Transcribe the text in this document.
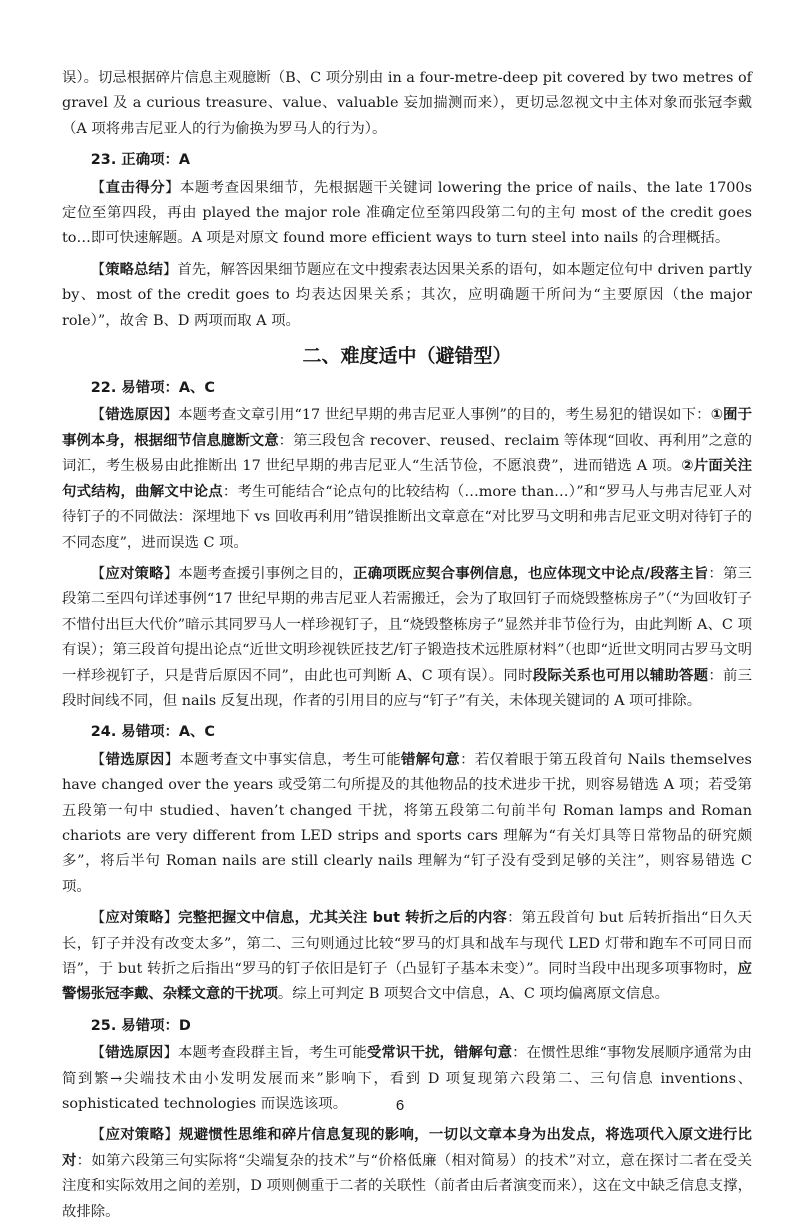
误）。切忌根据碎片信息主观臆断（B、C 项分别由 in a four-metre-deep pit covered by two metres of gravel 及 a curious treasure、value、valuable 妄加揣测而来），更切忌忽视文中主体对象而张冠李戴（A 项将弗吉尼亚人的行为偷换为罗马人的行为）。

23. 正确项：A

【直击得分】本题考查因果细节，先根据题干关键词 lowering the price of nails、the late 1700s 定位至第四段，再由 played the major role 准确定位至第四段第二句的主句 most of the credit goes to…即可快速解题。A 项是对原文 found more efficient ways to turn steel into nails 的合理概括。

【策略总结】首先，解答因果细节题应在文中搜索表达因果关系的语句，如本题定位句中 driven partly by、most of the credit goes to 均表达因果关系；其次，应明确题干所问为“主要原因（the major role）”，故舍 B、D 两项而取 A 项。

二、难度适中（避错型）
22. 易错项：A、C

【错选原因】本题考查文章引用“17 世纪早期的弗吉尼亚人事例”的目的，考生易犯的错误如下：①囿于事例本身，根据细节信息臆断文意：第三段包含 recover、reused、reclaim 等体现“回收、再利用”之意的词汇，考生极易由此推断出 17 世纪早期的弗吉尼亚人“生活节俭，不愿浪费”，进而错选 A 项。②片面关注句式结构，曲解文中论点：考生可能结合“论点句的比较结构（…more than…）”和“罗马人与弗吉尼亚人对待钉子的不同做法：深埋地下 vs 回收再利用”错误推断出文章意在“对比罗马文明和弗吉尼亚文明对待钉子的不同态度”，进而误选 C 项。

【应对策略】本题考查援引事例之目的，正确项既应契合事例信息，也应体现文中论点/段落主旨：第三段第二至四句详述事例“17 世纪早期的弗吉尼亚人若需搬迁，会为了取回钉子而烧毁整栋房子”（“为回收钉子不惜付出巨大代价”暗示其同罗马人一样珍视钉子，且“烧毁整栋房子”显然并非节俭行为，由此判断 A、C 项有误）；第三段首句提出论点“近世文明珍视铁匠技艺/钉子锻造技术远胜原材料”（也即“近世文明同古罗马文明一样珍视钉子，只是背后原因不同”，由此也可判断 A、C 项有误）。同时段际关系也可用以辅助答题：前三段时间线不同，但 nails 反复出现，作者的引用目的应与“钉子”有关，未体现关键词的 A 项可排除。

24. 易错项：A、C

【错选原因】本题考查文中事实信息，考生可能错解句意：若仅着眼于第五段首句 Nails themselves have changed over the years 或受第二句所提及的其他物品的技术进步干扰，则容易错选 A 项；若受第五段第一句中 studied、haven’t changed 干扰，将第五段第二句前半句 Roman lamps and Roman chariots are very different from LED strips and sports cars 理解为“有关灯具等日常物品的研究颇多”，将后半句 Roman nails are still clearly nails 理解为“钉子没有受到足够的关注”，则容易错选 C 项。

【应对策略】完整把握文中信息，尤其关注 but 转折之后的内容：第五段首句 but 后转折指出“日久天长，钉子并没有改变太多”，第二、三句则通过比较“罗马的灯具和战车与现代 LED 灯带和跑车不可同日而语”，于 but 转折之后指出“罗马的钉子依旧是钉子（凸显钉子基本未变）”。同时当段中出现多项事物时，应警惕张冠李戴、杂糅文意的干扰项。综上可判定 B 项契合文中信息，A、C 项均偏离原文信息。

25. 易错项：D

【错选原因】本题考查段群主旨，考生可能受常识干扰，错解句意：在惯性思维“事物发展顺序通常为由简到繁→尖端技术由小发明发展而来”影响下，看到 D 项复现第六段第二、三句信息 inventions、sophisticated technologies 而误选该项。

【应对策略】规避惯性思维和碎片信息复现的影响，一切以文章本身为出发点，将选项代入原文进行比对：如第六段第三句实际将“尖端复杂的技术”与“价格低廉（相对简易）的技术”对立，意在探讨二者在受关注度和实际效用之间的差别，D 项则侧重于二者的关联性（前者由后者演变而来），这在文中缺乏信息支撑，故排除。

6
